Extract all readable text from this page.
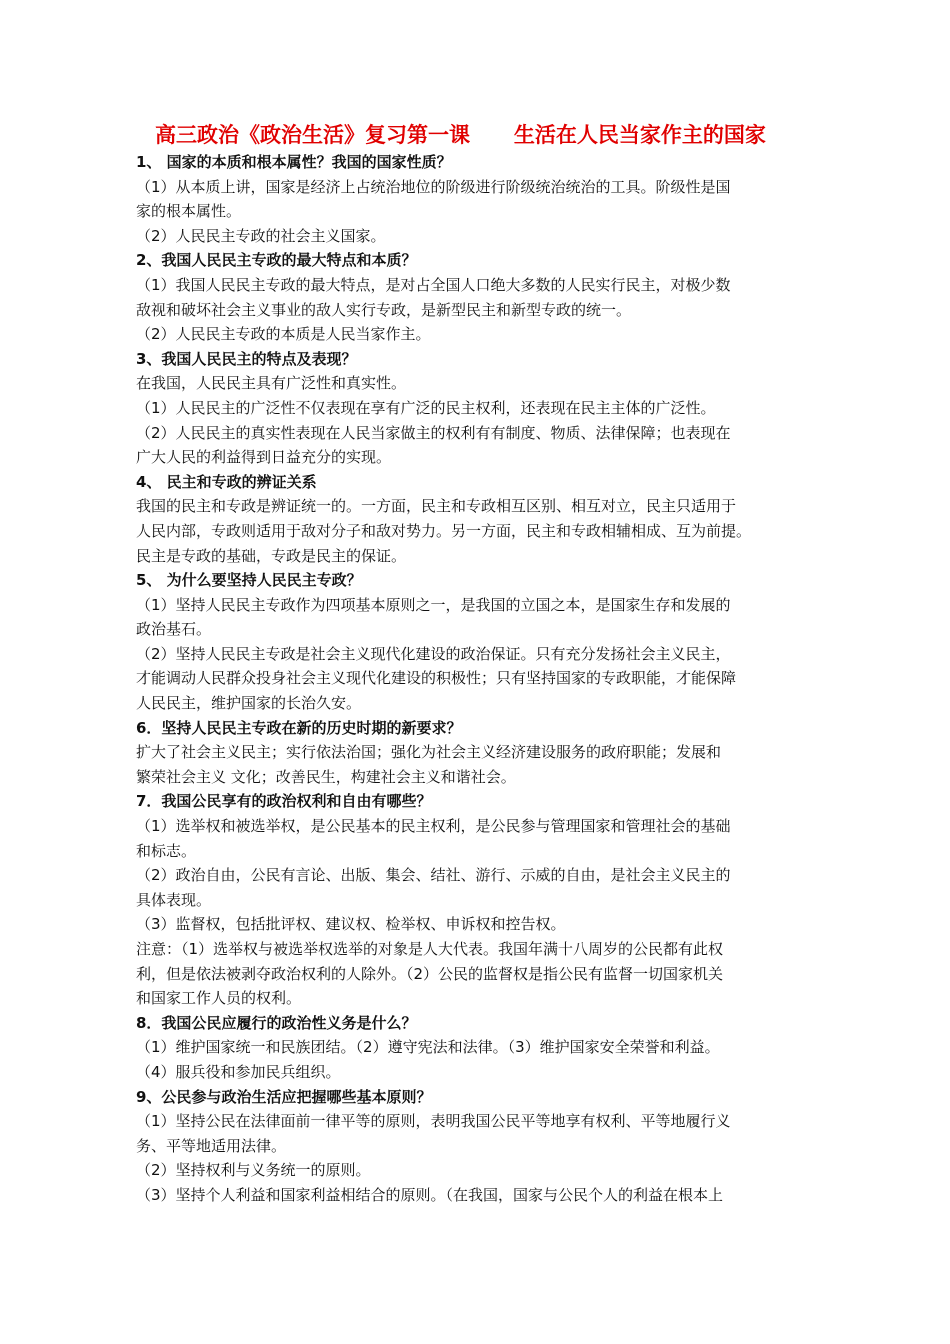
高三政治《政治生活》复习第一课      生活在人民当家作主的国家
1、 国家的本质和根本属性？我国的国家性质？
（1）从本质上讲，国家是经济上占统治地位的阶级进行阶级统治统治的工具。阶级性是国
家的根本属性。
（2）人民民主专政的社会主义国家。
2、我国人民民主专政的最大特点和本质？
（1）我国人民民主专政的最大特点，是对占全国人口绝大多数的人民实行民主，对极少数
敌视和破坏社会主义事业的敌人实行专政，是新型民主和新型专政的统一。
（2）人民民主专政的本质是人民当家作主。
3、我国人民民主的特点及表现？
在我国，人民民主具有广泛性和真实性。
（1）人民民主的广泛性不仅表现在享有广泛的民主权利，还表现在民主主体的广泛性。
（2）人民民主的真实性表现在人民当家做主的权利有有制度、物质、法律保障；也表现在
广大人民的利益得到日益充分的实现。
4、 民主和专政的辨证关系
我国的民主和专政是辨证统一的。一方面，民主和专政相互区别、相互对立，民主只适用于
人民内部，专政则适用于敌对分子和敌对势力。另一方面，民主和专政相辅相成、互为前提。
民主是专政的基础，专政是民主的保证。
5、 为什么要坚持人民民主专政？
（1）坚持人民民主专政作为四项基本原则之一，是我国的立国之本，是国家生存和发展的
政治基石。
（2）坚持人民民主专政是社会主义现代化建设的政治保证。只有充分发扬社会主义民主，
才能调动人民群众投身社会主义现代化建设的积极性；只有坚持国家的专政职能，才能保障
人民民主，维护国家的长治久安。
6．坚持人民民主专政在新的历史时期的新要求？
扩大了社会主义民主；实行依法治国；强化为社会主义经济建设服务的政府职能；发展和
繁荣社会主义 文化；改善民生，构建社会主义和谐社会。
7．我国公民享有的政治权利和自由有哪些？
（1）选举权和被选举权，是公民基本的民主权利，是公民参与管理国家和管理社会的基础
和标志。
（2）政治自由，公民有言论、出版、集会、结社、游行、示威的自由，是社会主义民主的
具体表现。
（3）监督权，包括批评权、建议权、检举权、申诉权和控告权。
注意：（1）选举权与被选举权选举的对象是人大代表。我国年满十八周岁的公民都有此权
利，但是依法被剥夺政治权利的人除外。（2）公民的监督权是指公民有监督一切国家机关
和国家工作人员的权利。
8．我国公民应履行的政治性义务是什么？
（1）维护国家统一和民族团结。（2）遵守宪法和法律。（3）维护国家安全荣誉和利益。
（4）服兵役和参加民兵组织。
9、公民参与政治生活应把握哪些基本原则？
（1）坚持公民在法律面前一律平等的原则，表明我国公民平等地享有权利、平等地履行义
务、平等地适用法律。
（2）坚持权利与义务统一的原则。
（3）坚持个人利益和国家利益相结合的原则。（在我国，国家与公民个人的利益在根本上
